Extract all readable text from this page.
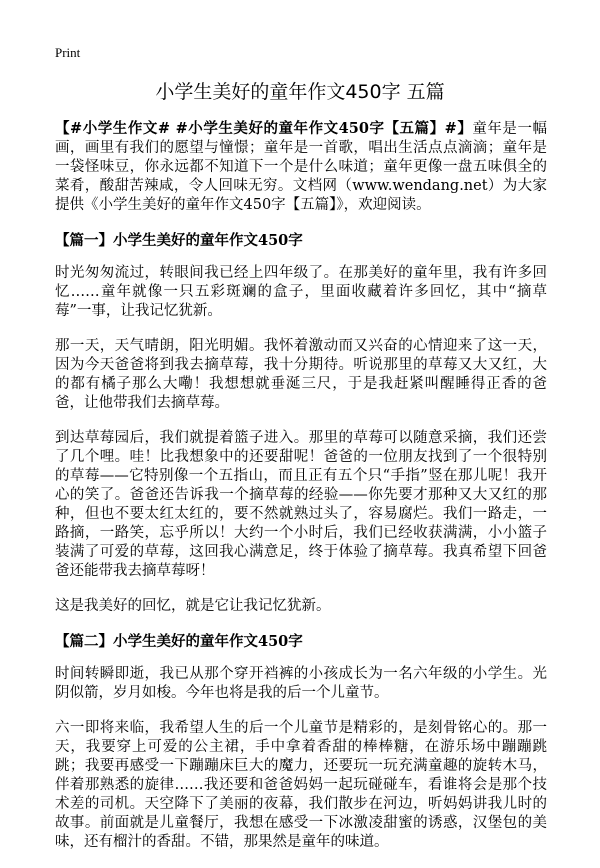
Print
小学生美好的童年作文450字 五篇

【#小学生作文# #小学生美好的童年作文450字【五篇】#】童年是一幅画，画里有我们的愿望与憧憬；童年是一首歌，唱出生活点点滴滴；童年是一袋怪味豆，你永远都不知道下一个是什么味道；童年更像一盘五味俱全的菜肴，酸甜苦辣咸，令人回味无穷。文档网（www.wendang.net）为大家提供《小学生美好的童年作文450字【五篇】》，欢迎阅读。

【篇一】小学生美好的童年作文450字

时光匆匆流过，转眼间我已经上四年级了。在那美好的童年里，我有许多回忆……童年就像一只五彩斑斓的盒子，里面收藏着许多回忆，其中“摘草莓”一事，让我记忆犹新。

那一天，天气晴朗，阳光明媚。我怀着激动而又兴奋的心情迎来了这一天，因为今天爸爸将到我去摘草莓，我十分期待。听说那里的草莓又大又红，大的都有橘子那么大嘞！我想想就垂涎三尺，于是我赶紧叫醒睡得正香的爸爸，让他带我们去摘草莓。

到达草莓园后，我们就提着篮子进入。那里的草莓可以随意采摘，我们还尝了几个哩。哇！比我想象中的还要甜呢！爸爸的一位朋友找到了一个很特别的草莓——它特别像一个五指山，而且正有五个只“手指”竖在那儿呢！我开心的笑了。爸爸还告诉我一个摘草莓的经验——你先要才那种又大又红的那种，但也不要太红太红的，要不然就熟过头了，容易腐烂。我们一路走，一路摘，一路笑，忘乎所以！大约一个小时后，我们已经收获满满，小小篮子装满了可爱的草莓，这回我心满意足，终于体验了摘草莓。我真希望下回爸爸还能带我去摘草莓呀！

这是我美好的回忆，就是它让我记忆犹新。

【篇二】小学生美好的童年作文450字

时间转瞬即逝，我已从那个穿开裆裤的小孩成长为一名六年级的小学生。光阴似箭，岁月如梭。今年也将是我的后一个儿童节。

六一即将来临，我希望人生的后一个儿童节是精彩的，是刻骨铭心的。那一天，我要穿上可爱的公主裙，手中拿着香甜的棒棒糖，在游乐场中蹦蹦跳跳；我要再感受一下蹦蹦床巨大的魔力，还要玩一玩充满童趣的旋转木马，伴着那熟悉的旋律……我还要和爸爸妈妈一起玩碰碰车，看谁将会是那个技术差的司机。天空降下了美丽的夜幕，我们散步在河边，听妈妈讲我儿时的故事。前面就是儿童餐厅，我想在感受一下冰激凌甜蜜的诱惑，汉堡包的美味，还有榴汁的香甜。不错，那果然是童年的味道。
